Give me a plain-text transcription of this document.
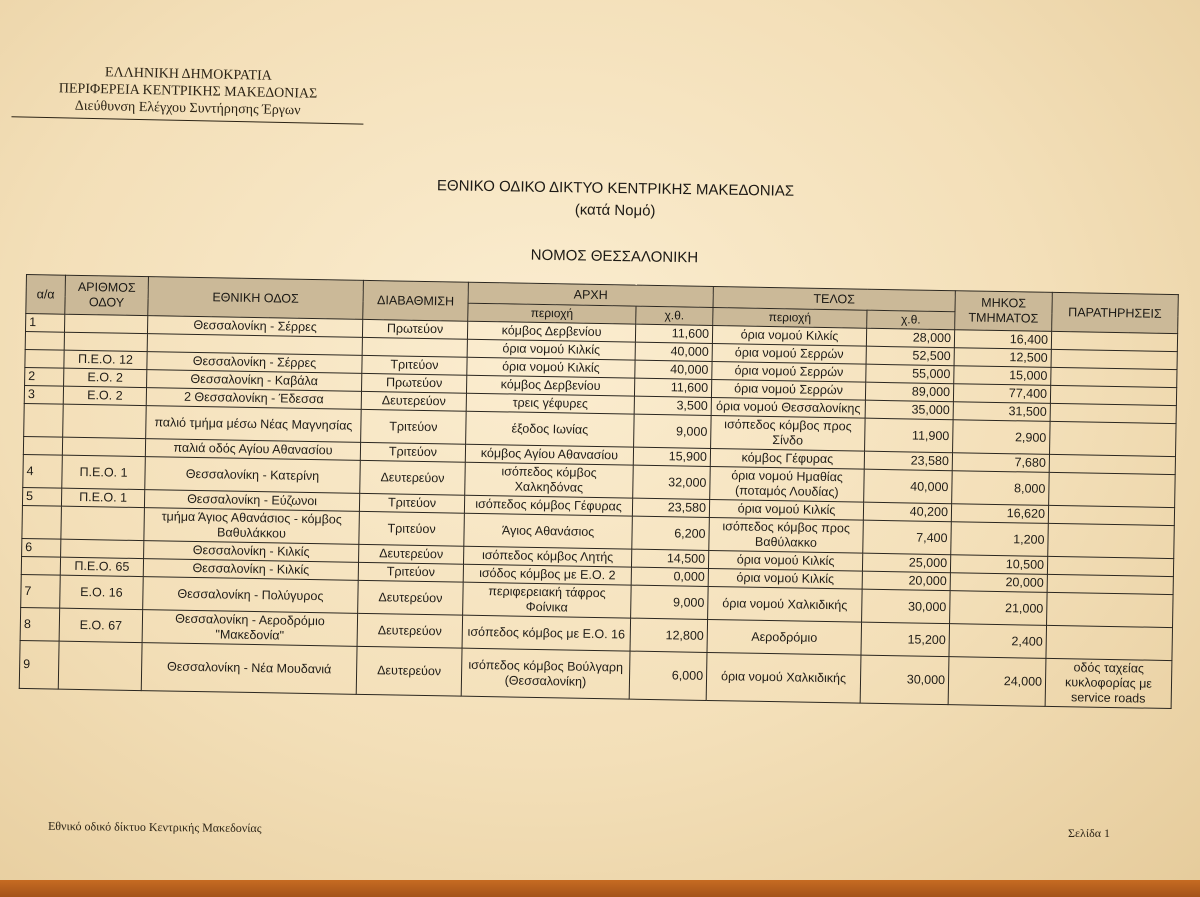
ΕΛΛΗΝΙΚΗ ΔΗΜΟΚΡΑΤΙΑ
ΠΕΡΙΦΕΡΕΙΑ ΚΕΝΤΡΙΚΗΣ ΜΑΚΕΔΟΝΙΑΣ
Διεύθυνση Ελέγχου Συντήρησης Έργων
ΕΘΝΙΚΟ ΟΔΙΚΟ ΔΙΚΤΥΟ ΚΕΝΤΡΙΚΗΣ ΜΑΚΕΔΟΝΙΑΣ
(κατά Νομό)
ΝΟΜΟΣ ΘΕΣΣΑΛΟΝΙΚΗ
α/α	ΑΡΙΘΜΟΣ ΟΔΟΥ	ΕΘΝΙΚΗ ΟΔΟΣ	ΔΙΑΒΑΘΜΙΣΗ	ΑΡΧΗ		ΤΕΛΟΣ		ΜΗΚΟΣ ΤΜΗΜΑΤΟΣ	ΠΑΡΑΤΗΡΗΣΕΙΣ
				περιοχή	χ.θ.	περιοχή	χ.θ.		
1		Θεσσαλονίκη - Σέρρες	Πρωτεύον	κόμβος Δερβενίου	11,600	όρια νομού Κιλκίς	28,000	16,400	
				όρια νομού Κιλκίς	40,000	όρια νομού Σερρών	52,500	12,500	
	Π.Ε.Ο. 12	Θεσσαλονίκη - Σέρρες	Τριτεύον	όρια νομού Κιλκίς	40,000	όρια νομού Σερρών	55,000	15,000	
2	Ε.Ο. 2	Θεσσαλονίκη - Καβάλα	Πρωτεύον	κόμβος Δερβενίου	11,600	όρια νομού Σερρών	89,000	77,400	
3	Ε.Ο. 2	2 Θεσσαλονίκη - Έδεσσα	Δευτερεύον	τρεις γέφυρες	3,500	όρια νομού Θεσσαλονίκης	35,000	31,500	
		παλιό τμήμα μέσω Νέας Μαγνησίας	Τριτεύον	έξοδος Ιωνίας	9,000	ισόπεδος κόμβος προς Σίνδο	11,900	2,900	
		παλιά οδός Αγίου Αθανασίου	Τριτεύον	κόμβος Αγίου Αθανασίου	15,900	κόμβος Γέφυρας	23,580	7,680	
4	Π.Ε.Ο. 1	Θεσσαλονίκη - Κατερίνη	Δευτερεύον	ισόπεδος κόμβος Χαλκηδόνας	32,000	όρια νομού Ημαθίας (ποταμός Λουδίας)	40,000	8,000	
5	Π.Ε.Ο. 1	Θεσσαλονίκη - Εύζωνοι	Τριτεύον	ισόπεδος κόμβος Γέφυρας	23,580	όρια νομού Κιλκίς	40,200	16,620	
		τμήμα Άγιος Αθανάσιος - κόμβος Βαθυλάκκου	Τριτεύον	Άγιος Αθανάσιος	6,200	ισόπεδος κόμβος προς Βαθύλακκο	7,400	1,200	
6		Θεσσαλονίκη - Κιλκίς	Δευτερεύον	ισόπεδος κόμβος Λητής	14,500	όρια νομού Κιλκίς	25,000	10,500	
	Π.Ε.Ο. 65	Θεσσαλονίκη - Κιλκίς	Τριτεύον	ισόδος κόμβος με Ε.Ο. 2	0,000	όρια νομού Κιλκίς	20,000	20,000	
7	Ε.Ο. 16	Θεσσαλονίκη - Πολύγυρος	Δευτερεύον	περιφερειακή τάφρος Φοίνικα	9,000	όρια νομού Χαλκιδικής	30,000	21,000	
8	Ε.Ο. 67	Θεσσαλονίκη - Αεροδρόμιο "Μακεδονία"	Δευτερεύον	ισόπεδος κόμβος με Ε.Ο. 16	12,800	Αεροδρόμιο	15,200	2,400	
9		Θεσσαλονίκη - Νέα Μουδανιά	Δευτερεύον	ισόπεδος κόμβος Βούλγαρη (Θεσσαλονίκη)	6,000	όρια νομού Χαλκιδικής	30,000	24,000	οδός ταχείας κυκλοφορίας με service roads
Εθνικό οδικό δίκτυο Κεντρικής Μακεδονίας	Σελίδα 1
